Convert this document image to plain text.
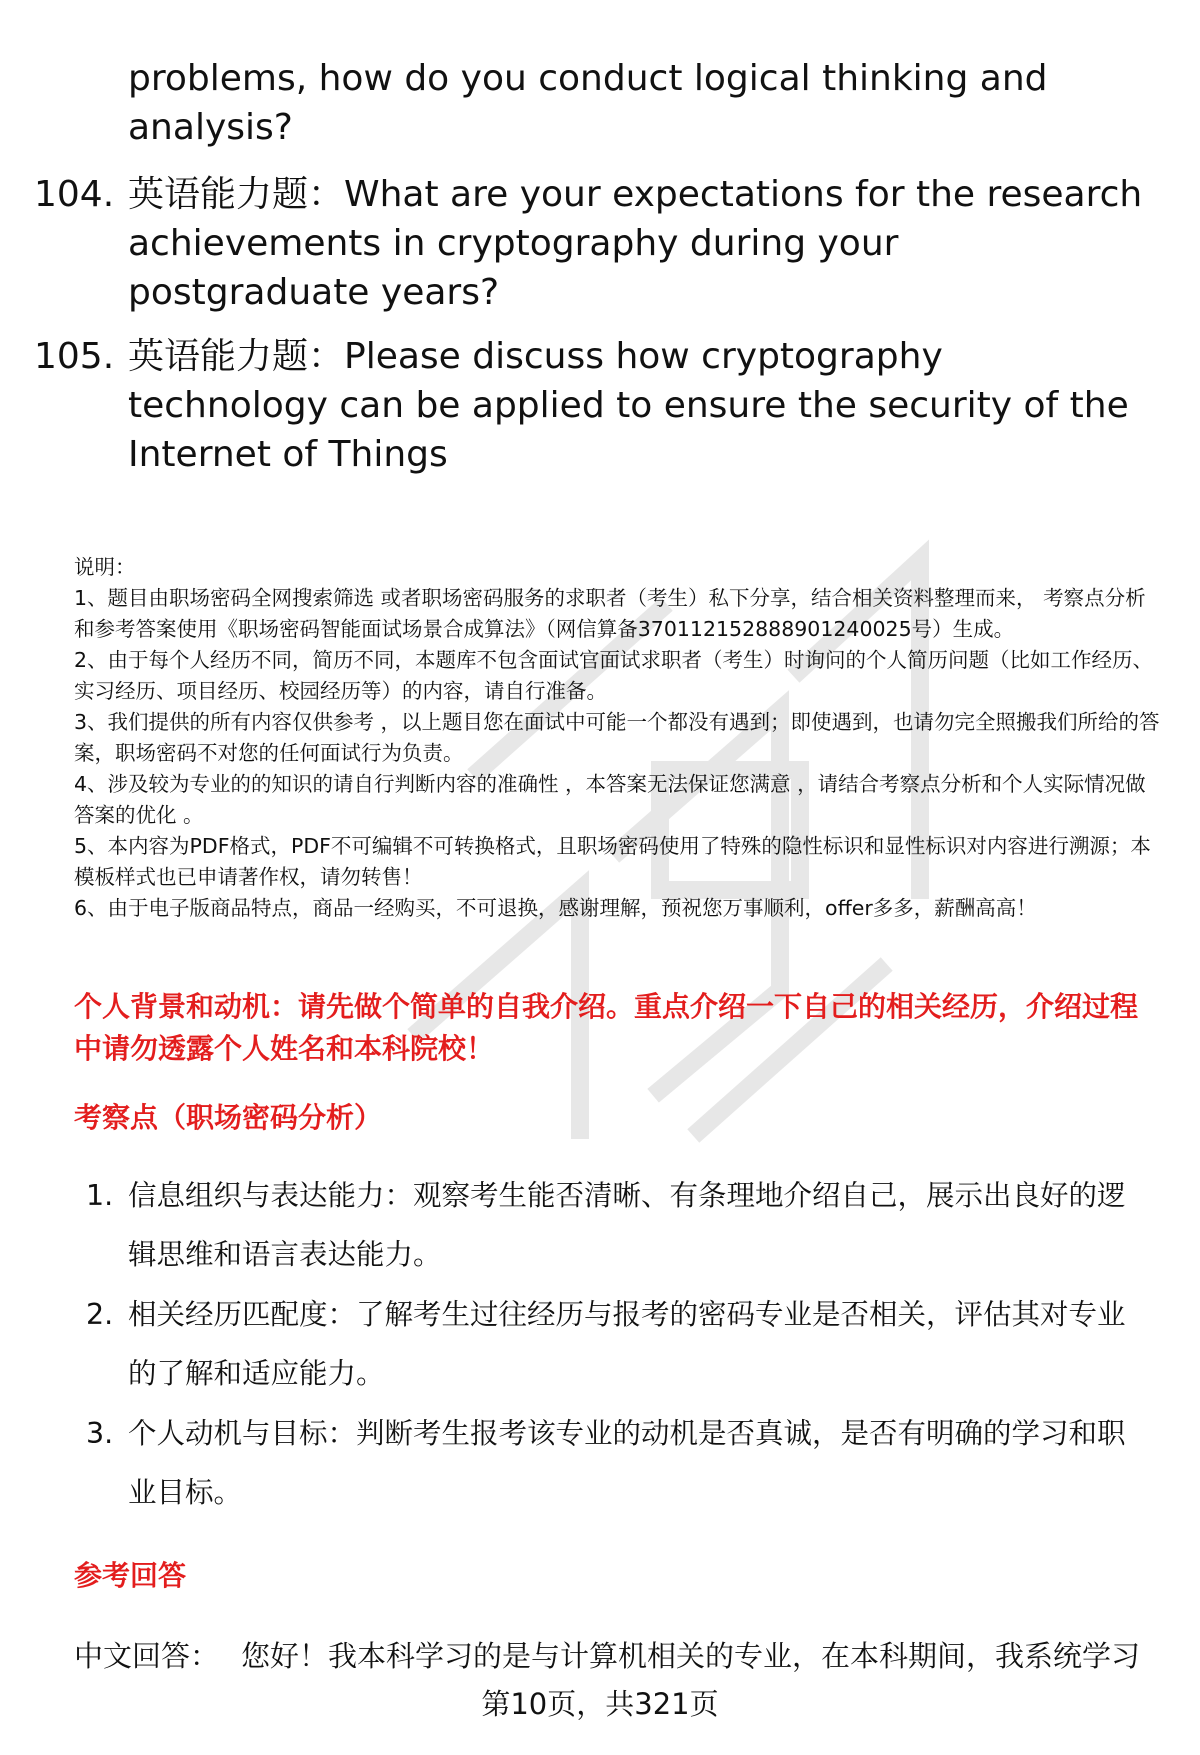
problems, how do you conduct logical thinking and analysis?
104. 英语能力题：What are your expectations for the research achievements in cryptography during your postgraduate years?
105. 英语能力题：Please discuss how cryptography technology can be applied to ensure the security of the Internet of Things

说明：

1、题目由职场密码全网搜索筛选 或者职场密码服务的求职者（考生）私下分享，结合相关资料整理而来， 考察点分析和参考答案使用《职场密码智能面试场景合成算法》（网信算备370112152888901240025号）生成。

2、由于每个人经历不同，简历不同，本题库不包含面试官面试求职者（考生）时询问的个人简历问题（比如工作经历、实习经历、项目经历、校园经历等）的内容，请自行准备。

3、我们提供的所有内容仅供参考 ，以上题目您在面试中可能一个都没有遇到；即使遇到，也请勿完全照搬我们所给的答案，职场密码不对您的任何面试行为负责。

4、涉及较为专业的的知识的请自行判断内容的准确性 ，本答案无法保证您满意 ，请结合考察点分析和个人实际情况做答案的优化 。

5、本内容为PDF格式，PDF不可编辑不可转换格式，且职场密码使用了特殊的隐性标识和显性标识对内容进行溯源；本模板样式也已申请著作权，请勿转售！

6、由于电子版商品特点，商品一经购买，不可退换，感谢理解，预祝您万事顺利，offer多多，薪酬高高！

个人背景和动机：请先做个简单的自我介绍。重点介绍一下自己的相关经历，介绍过程中请勿透露个人姓名和本科院校！
考察点（职场密码分析）
1. 信息组织与表达能力：观察考生能否清晰、有条理地介绍自己，展示出良好的逻辑思维和语言表达能力。
2. 相关经历匹配度：了解考生过往经历与报考的密码专业是否相关，评估其对专业的了解和适应能力。
3. 个人动机与目标：判断考生报考该专业的动机是否真诚，是否有明确的学习和职业目标。
参考回答
中文回答： 您好！我本科学习的是与计算机相关的专业，在本科期间，我系统学习
第10页，共321页
